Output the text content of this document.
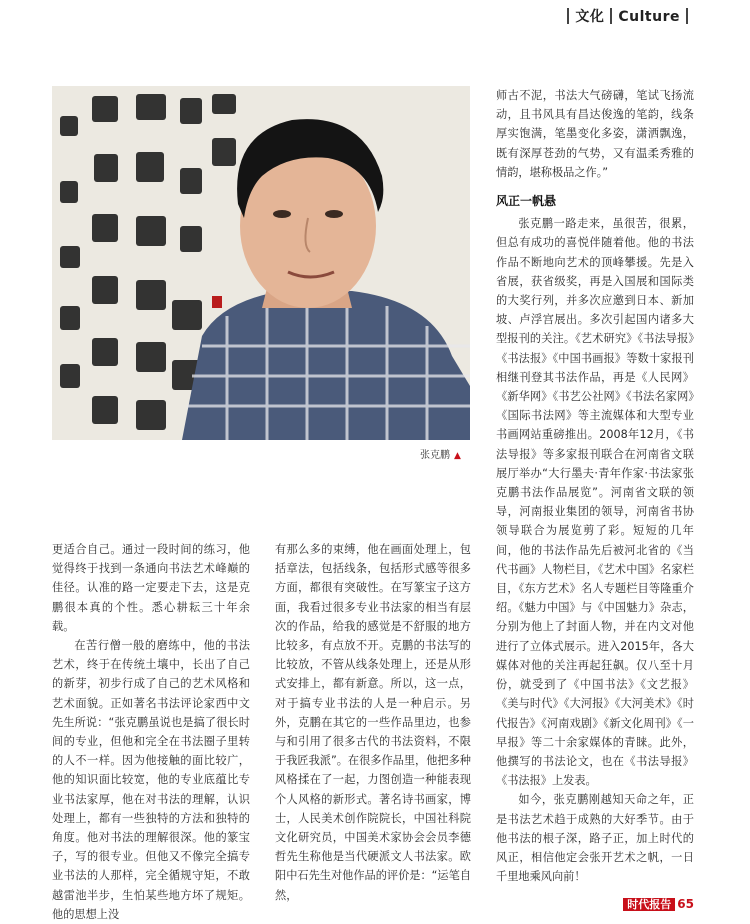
文化 Culture
张克鹏 ▲

更适合自己。通过一段时间的练习，他觉得终于找到一条通向书法艺术峰巅的佳径。认准的路一定要走下去，这是克鹏很本真的个性。悉心耕耘三十年余载。

在苦行僧一般的磨练中，他的书法艺术，终于在传统土壤中，长出了自己的新芽，初步行成了自己的艺术风格和艺术面貌。正如著名书法评论家西中文先生所说：“张克鹏虽说也是搞了很长时间的专业，但他和完全在书法圈子里转的人不一样。因为他接触的面比较广，他的知识面比较宽，他的专业底蕴比专业书法家厚，他在对书法的理解，认识处理上，都有一些独特的方法和独特的角度。他对书法的理解很深。他的篆宝子，写的很专业。但他又不像完全搞专业书法的人那样，完全循规守矩，不敢越雷池半步，生怕某些地方坏了规矩。他的思想上没

有那么多的束缚，他在画面处理上，包括章法，包括线条，包括形式感等很多方面，都很有突破性。在写篆宝子这方面，我看过很多专业书法家的相当有层次的作品，给我的感觉是不舒服的地方比较多，有点放不开。克鹏的书法写的比较放，不管从线条处理上，还是从形式安排上，都有新意。所以，这一点，对于搞专业书法的人是一种启示。另外，克鹏在其它的一些作品里边，也参与和引用了很多古代的书法资料，不限于我匠我派”。在很多作品里，他把多种风格揉在了一起，力图创造一种能表现个人风格的新形式。著名诗书画家，博士，人民美术创作院院长，中国社科院文化研究员，中国美术家协会会员李德哲先生称他是当代硬派文人书法家。欧阳中石先生对他作品的评价是：“运笔自然，

师古不泥，书法大气磅礴，笔试飞扬流动，且书风具有昌达俊逸的笔韵，线条厚实饱满，笔墨变化多姿，潇洒飘逸，既有深厚苍劲的气势，又有温柔秀雅的情韵，堪称极品之作。”

风正一帆悬

张克鹏一路走来，虽很苦，很累，但总有成功的喜悦伴随着他。他的书法作品不断地向艺术的顶峰攀援。先是入省展，获省级奖，再是入国展和国际类的大奖行列，并多次应邀到日本、新加坡、卢浮宫展出。多次引起国内诸多大型报刊的关注。《艺术研究》《书法导报》《书法报》《中国书画报》等数十家报刊相继刊登其书法作品，再是《人民网》《新华网》《书艺公社网》《书法名家网》《国际书法网》等主流媒体和大型专业书画网站重磅推出。2008年12月，《书法导报》等多家报刊联合在河南省文联展厅举办“大行墨夫·青年作家·书法家张克鹏书法作品展览”。河南省文联的领导，河南报业集团的领导，河南省书协领导联合为展览剪了彩。短短的几年间，他的书法作品先后被河北省的《当代书画》人物栏目，《艺术中国》名家栏目，《东方艺术》名人专题栏目等隆重介绍。《魅力中国》与《中国魅力》杂志，分别为他上了封面人物，并在内文对他进行了立体式展示。进入2015年，各大媒体对他的关注再起狂飙。仅八至十月份，就受到了《中国书法》《文艺报》《美与时代》《大河报》《大河美术》《时代报告》《河南戏剧》《新文化周刊》《一早报》等二十余家媒体的青睐。此外，他撰写的书法论文，也在《书法导报》《书法报》上发表。

如今，张克鹏刚越知天命之年，正是书法艺术趋于成熟的大好季节。由于他书法的根子深，路子正，加上时代的风正，相信他定会张开艺术之帆，一日千里地乘风向前！

时代报告 65
